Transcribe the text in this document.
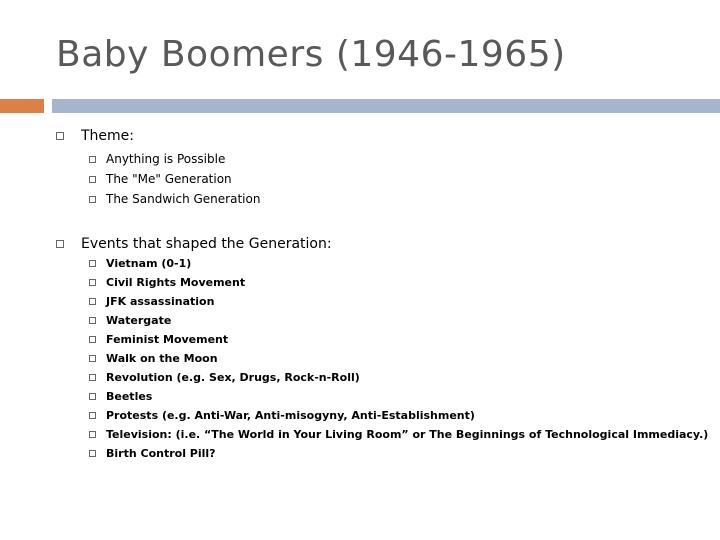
Baby Boomers (1946-1965)
Theme:
Anything is Possible
The "Me" Generation
The Sandwich Generation
Events that shaped the Generation:
Vietnam (0-1)
Civil Rights Movement
JFK assassination
Watergate
Feminist Movement
Walk on the Moon
Revolution (e.g. Sex, Drugs, Rock-n-Roll)
Beetles
Protests (e.g. Anti-War, Anti-misogyny, Anti-Establishment)
Television: (i.e. “The World in Your Living Room” or The Beginnings of Technological Immediacy.)
Birth Control Pill?
